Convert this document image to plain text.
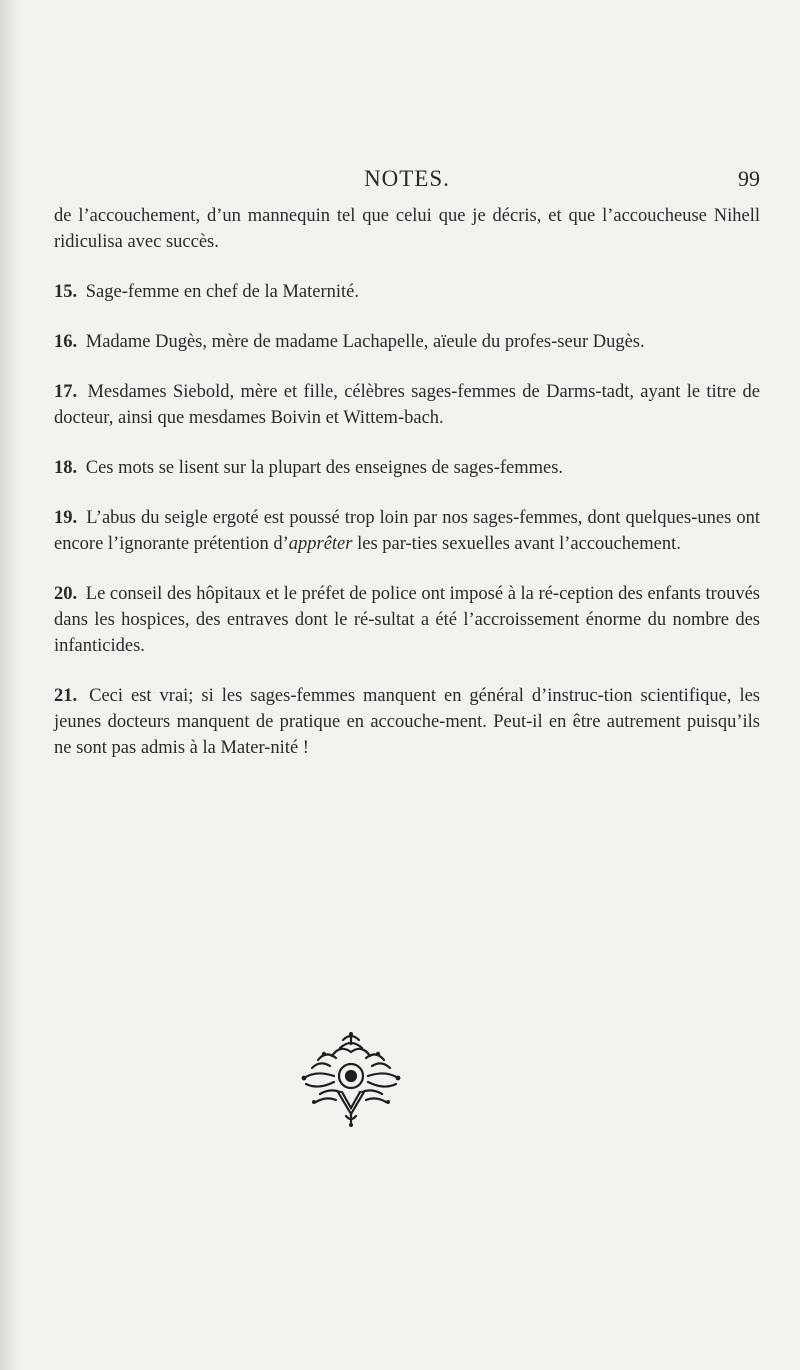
NOTES.	99

de l’accouchement, d’un mannequin tel que celui que je décris, et que l’accoucheuse Nihell ridiculisa avec succès.

15. Sage-femme en chef de la Maternité.

16. Madame Dugès, mère de madame Lachapelle, aïeule du profes-seur Dugès.

17. Mesdames Siebold, mère et fille, célèbres sages-femmes de Darms-tadt, ayant le titre de docteur, ainsi que mesdames Boivin et Wittem-bach.

18. Ces mots se lisent sur la plupart des enseignes de sages-femmes.

19. L’abus du seigle ergoté est poussé trop loin par nos sages-femmes, dont quelques-unes ont encore l’ignorante prétention d’apprêter les par-ties sexuelles avant l’accouchement.

20. Le conseil des hôpitaux et le préfet de police ont imposé à la ré-ception des enfants trouvés dans les hospices, des entraves dont le ré-sultat a été l’accroissement énorme du nombre des infanticides.

21. Ceci est vrai; si les sages-femmes manquent en général d’instruc-tion scientifique, les jeunes docteurs manquent de pratique en accouche-ment. Peut-il en être autrement puisqu’ils ne sont pas admis à la Mater-nité !
